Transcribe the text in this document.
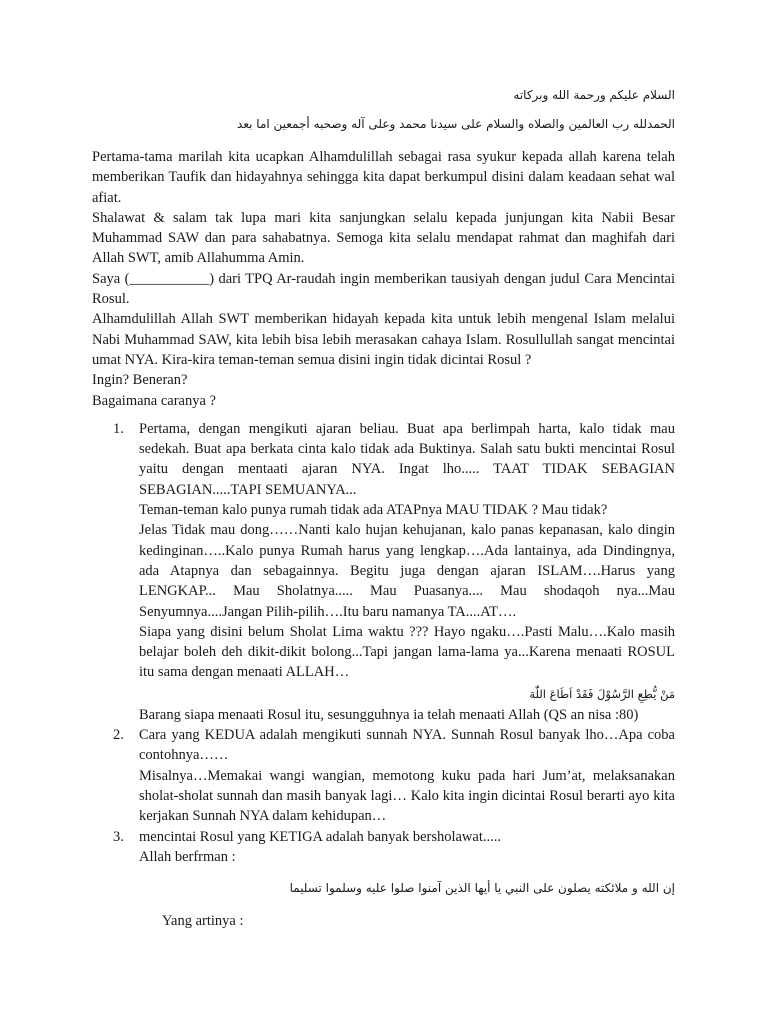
السلام عليكم ورحمة الله وبركاته

الحمدلله رب العالمين والصلاه والسلام على سيدنا محمد وعلى آله وصحبه أجمعين اما بعد

Pertama-tama marilah kita ucapkan Alhamdulillah sebagai rasa syukur kepada allah karena telah memberikan Taufik dan hidayahnya sehingga kita dapat berkumpul disini dalam keadaan sehat wal afiat.

Shalawat & salam tak lupa mari kita sanjungkan selalu kepada junjungan kita Nabii Besar Muhammad SAW dan para sahabatnya. Semoga kita selalu mendapat rahmat dan maghifah dari Allah SWT, amib Allahumma Amin.

Saya (___________) dari TPQ Ar-raudah ingin memberikan tausiyah dengan judul Cara Mencintai Rosul.

Alhamdulillah Allah SWT memberikan hidayah kepada kita untuk lebih mengenal Islam melalui Nabi Muhammad SAW, kita lebih bisa lebih merasakan cahaya Islam. Rosullullah sangat mencintai umat NYA. Kira-kira teman-teman semua disini ingin tidak dicintai Rosul ?

Ingin? Beneran?

Bagaimana caranya ?

1. Pertama, dengan mengikuti ajaran beliau. Buat apa berlimpah harta, kalo tidak mau sedekah. Buat apa berkata cinta kalo tidak ada Buktinya. Salah satu bukti mencintai Rosul yaitu dengan mentaati ajaran NYA. Ingat lho..... TAAT TIDAK SEBAGIAN SEBAGIAN.....TAPI SEMUANYA...

Teman-teman kalo punya rumah tidak ada ATAPnya MAU TIDAK ? Mau tidak?

Jelas Tidak mau dong……Nanti kalo hujan kehujanan, kalo panas kepanasan, kalo dingin kedinginan…..Kalo punya Rumah harus yang lengkap….Ada lantainya, ada Dindingnya, ada Atapnya dan sebagainnya. Begitu juga dengan ajaran ISLAM….Harus yang LENGKAP... Mau Sholatnya..... Mau Puasanya.... Mau shodaqoh nya...Mau Senyumnya....Jangan Pilih-pilih….Itu baru namanya TA....AT….

Siapa yang disini belum Sholat Lima waktu ??? Hayo ngaku….Pasti Malu….Kalo masih belajar boleh deh dikit-dikit bolong...Tapi jangan lama-lama ya...Karena menaati ROSUL itu sama dengan menaati ALLAH…

مَنْ يُّطِعِ الرَّسُوْلَ فَقَدْ اَطَاعَ اللّٰهَ

Barang siapa menaati Rosul itu, sesungguhnya ia telah menaati Allah (QS an nisa :80)

2. Cara yang KEDUA adalah mengikuti sunnah NYA. Sunnah Rosul banyak lho…Apa coba contohnya……

Misalnya…Memakai wangi wangian, memotong kuku pada hari Jum’at, melaksanakan sholat-sholat sunnah dan masih banyak lagi… Kalo kita ingin dicintai Rosul berarti ayo kita kerjakan Sunnah NYA dalam kehidupan…

3. mencintai Rosul yang KETIGA adalah banyak bersholawat.....

Allah berfrman :

إن الله و ملائكته يصلون على النبي يا أيها الذين آمنوا صلوا عليه وسلموا تسليما

Yang artinya :
